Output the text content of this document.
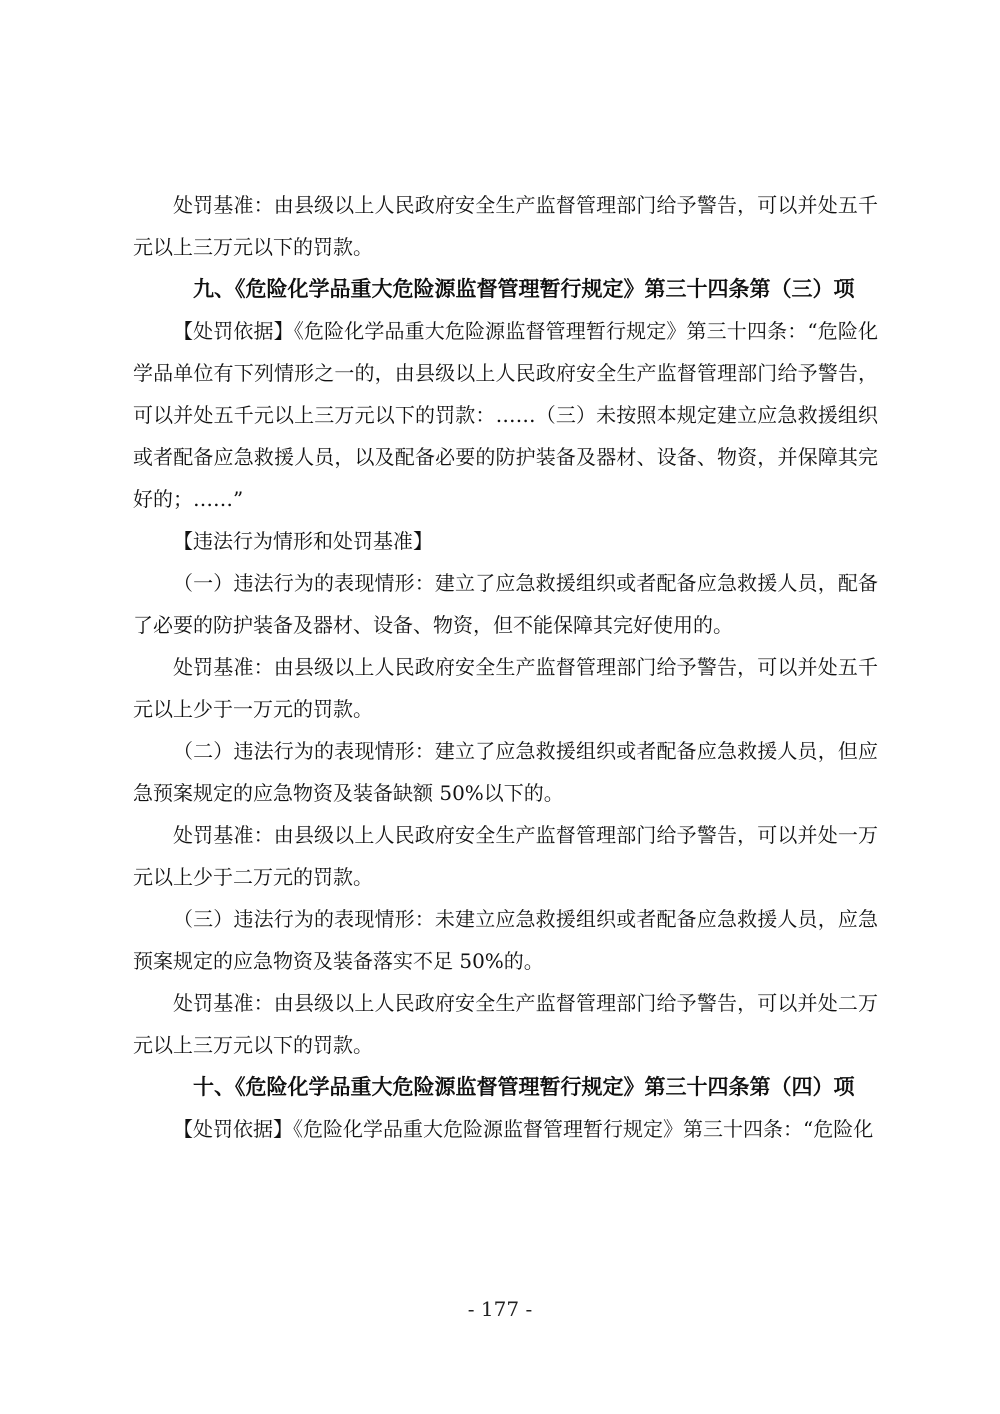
处罚基准：由县级以上人民政府安全生产监督管理部门给予警告，可以并处五千元以上三万元以下的罚款。

九、《危险化学品重大危险源监督管理暂行规定》第三十四条第（三）项

【处罚依据】《危险化学品重大危险源监督管理暂行规定》第三十四条：“危险化学品单位有下列情形之一的，由县级以上人民政府安全生产监督管理部门给予警告，可以并处五千元以上三万元以下的罚款：……（三）未按照本规定建立应急救援组织或者配备应急救援人员，以及配备必要的防护装备及器材、设备、物资，并保障其完好的；……”

【违法行为情形和处罚基准】

（一）违法行为的表现情形：建立了应急救援组织或者配备应急救援人员，配备了必要的防护装备及器材、设备、物资，但不能保障其完好使用的。

处罚基准：由县级以上人民政府安全生产监督管理部门给予警告，可以并处五千元以上少于一万元的罚款。

（二）违法行为的表现情形：建立了应急救援组织或者配备应急救援人员，但应急预案规定的应急物资及装备缺额 50%以下的。

处罚基准：由县级以上人民政府安全生产监督管理部门给予警告，可以并处一万元以上少于二万元的罚款。

（三）违法行为的表现情形：未建立应急救援组织或者配备应急救援人员，应急预案规定的应急物资及装备落实不足 50%的。

处罚基准：由县级以上人民政府安全生产监督管理部门给予警告，可以并处二万元以上三万元以下的罚款。

十、《危险化学品重大危险源监督管理暂行规定》第三十四条第（四）项

【处罚依据】《危险化学品重大危险源监督管理暂行规定》第三十四条：“危险化

- 177 -
